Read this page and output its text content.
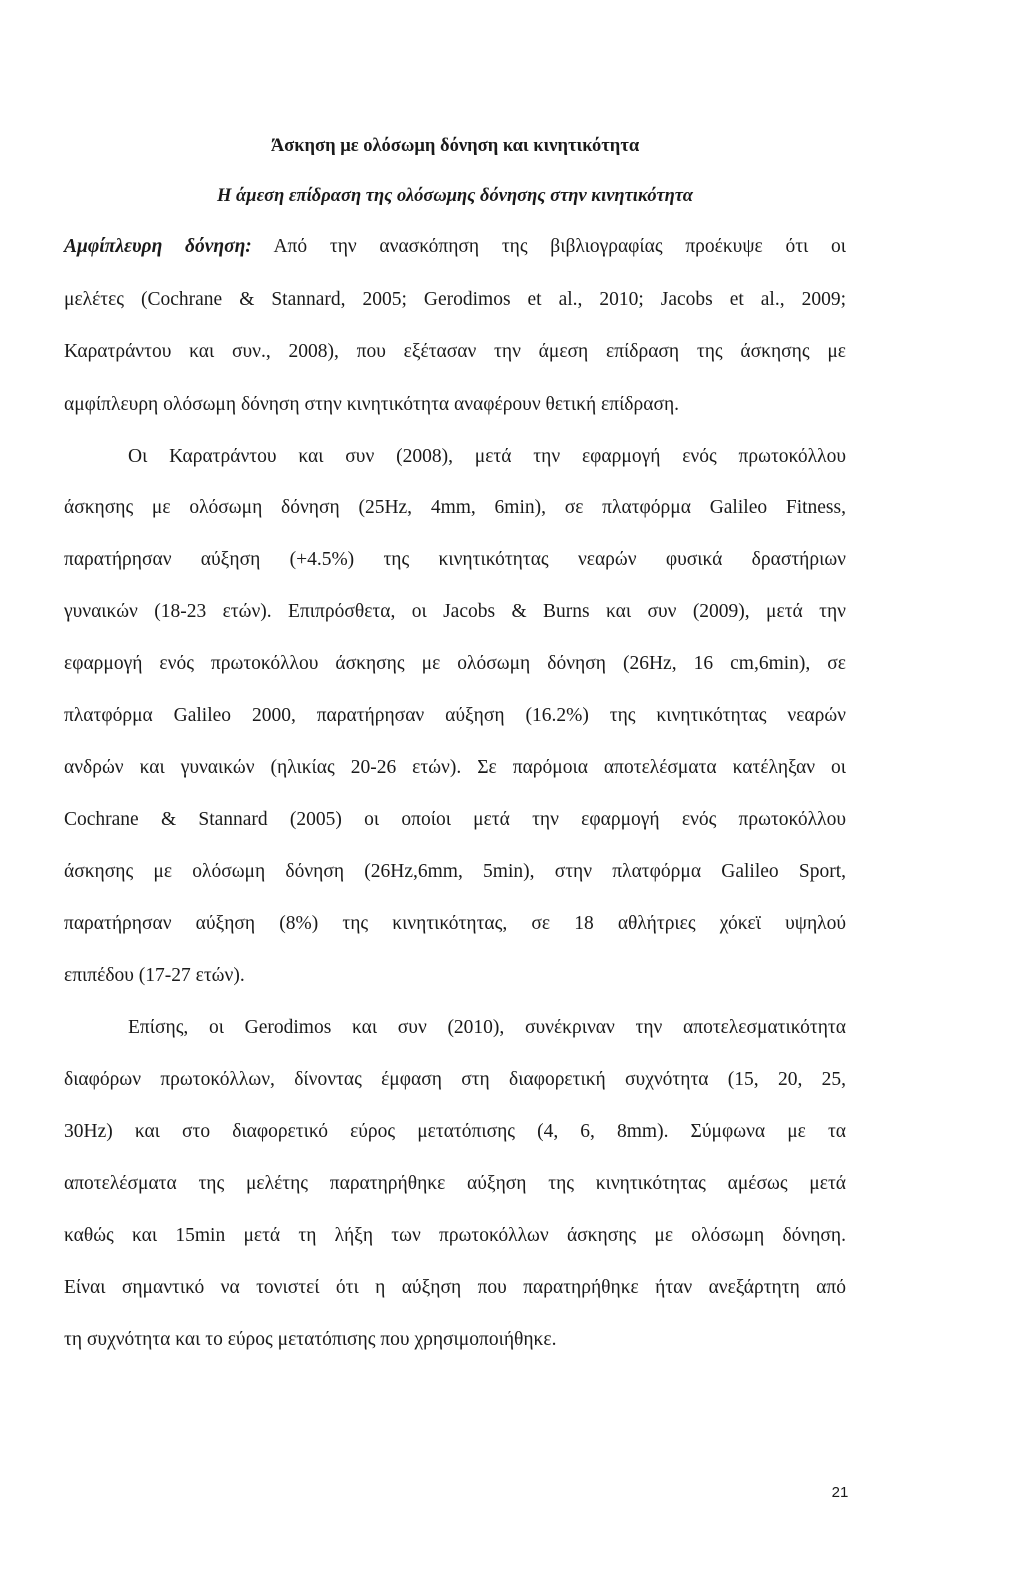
Άσκηση με ολόσωμη δόνηση και κινητικότητα

Η άμεση επίδραση της ολόσωμης δόνησης στην κινητικότητα

Αμφίπλευρη δόνηση: Από την ανασκόπηση της βιβλιογραφίας προέκυψε ότι οι

μελέτες (Cochrane & Stannard, 2005; Gerodimos et al., 2010; Jacobs et al., 2009;

Καρατράντου και συν., 2008), που εξέτασαν την άμεση επίδραση της άσκησης με

αμφίπλευρη ολόσωμη δόνηση στην κινητικότητα αναφέρουν θετική επίδραση.

Οι Καρατράντου και συν (2008), μετά την εφαρμογή ενός πρωτοκόλλου

άσκησης με ολόσωμη δόνηση (25Hz, 4mm, 6min), σε πλατφόρμα Galileo Fitness,

παρατήρησαν αύξηση (+4.5%) της κινητικότητας νεαρών φυσικά δραστήριων

γυναικών (18-23 ετών). Επιπρόσθετα, οι Jacobs & Burns και συν (2009), μετά την

εφαρμογή ενός πρωτοκόλλου άσκησης με ολόσωμη δόνηση (26Hz, 16 cm,6min), σε

πλατφόρμα Galileo 2000, παρατήρησαν αύξηση (16.2%) της κινητικότητας νεαρών

ανδρών και γυναικών (ηλικίας 20-26 ετών). Σε παρόμοια αποτελέσματα κατέληξαν οι

Cochrane & Stannard (2005) οι οποίοι μετά την εφαρμογή ενός πρωτοκόλλου

άσκησης με ολόσωμη δόνηση (26Hz,6mm, 5min), στην πλατφόρμα Galileo Sport,

παρατήρησαν αύξηση (8%) της κινητικότητας, σε 18 αθλήτριες χόκεϊ υψηλού

επιπέδου (17-27 ετών).

Επίσης, οι Gerodimos και συν (2010), συνέκριναν την αποτελεσματικότητα

διαφόρων πρωτοκόλλων, δίνοντας έμφαση στη διαφορετική συχνότητα (15, 20, 25,

30Hz) και στο διαφορετικό εύρος μετατόπισης (4, 6, 8mm). Σύμφωνα με τα

αποτελέσματα της μελέτης παρατηρήθηκε αύξηση της κινητικότητας αμέσως μετά

καθώς και 15min μετά τη λήξη των πρωτοκόλλων άσκησης με ολόσωμη δόνηση.

Είναι σημαντικό να τονιστεί ότι η αύξηση που παρατηρήθηκε ήταν ανεξάρτητη από

τη συχνότητα και το εύρος μετατόπισης που χρησιμοποιήθηκε.

21
